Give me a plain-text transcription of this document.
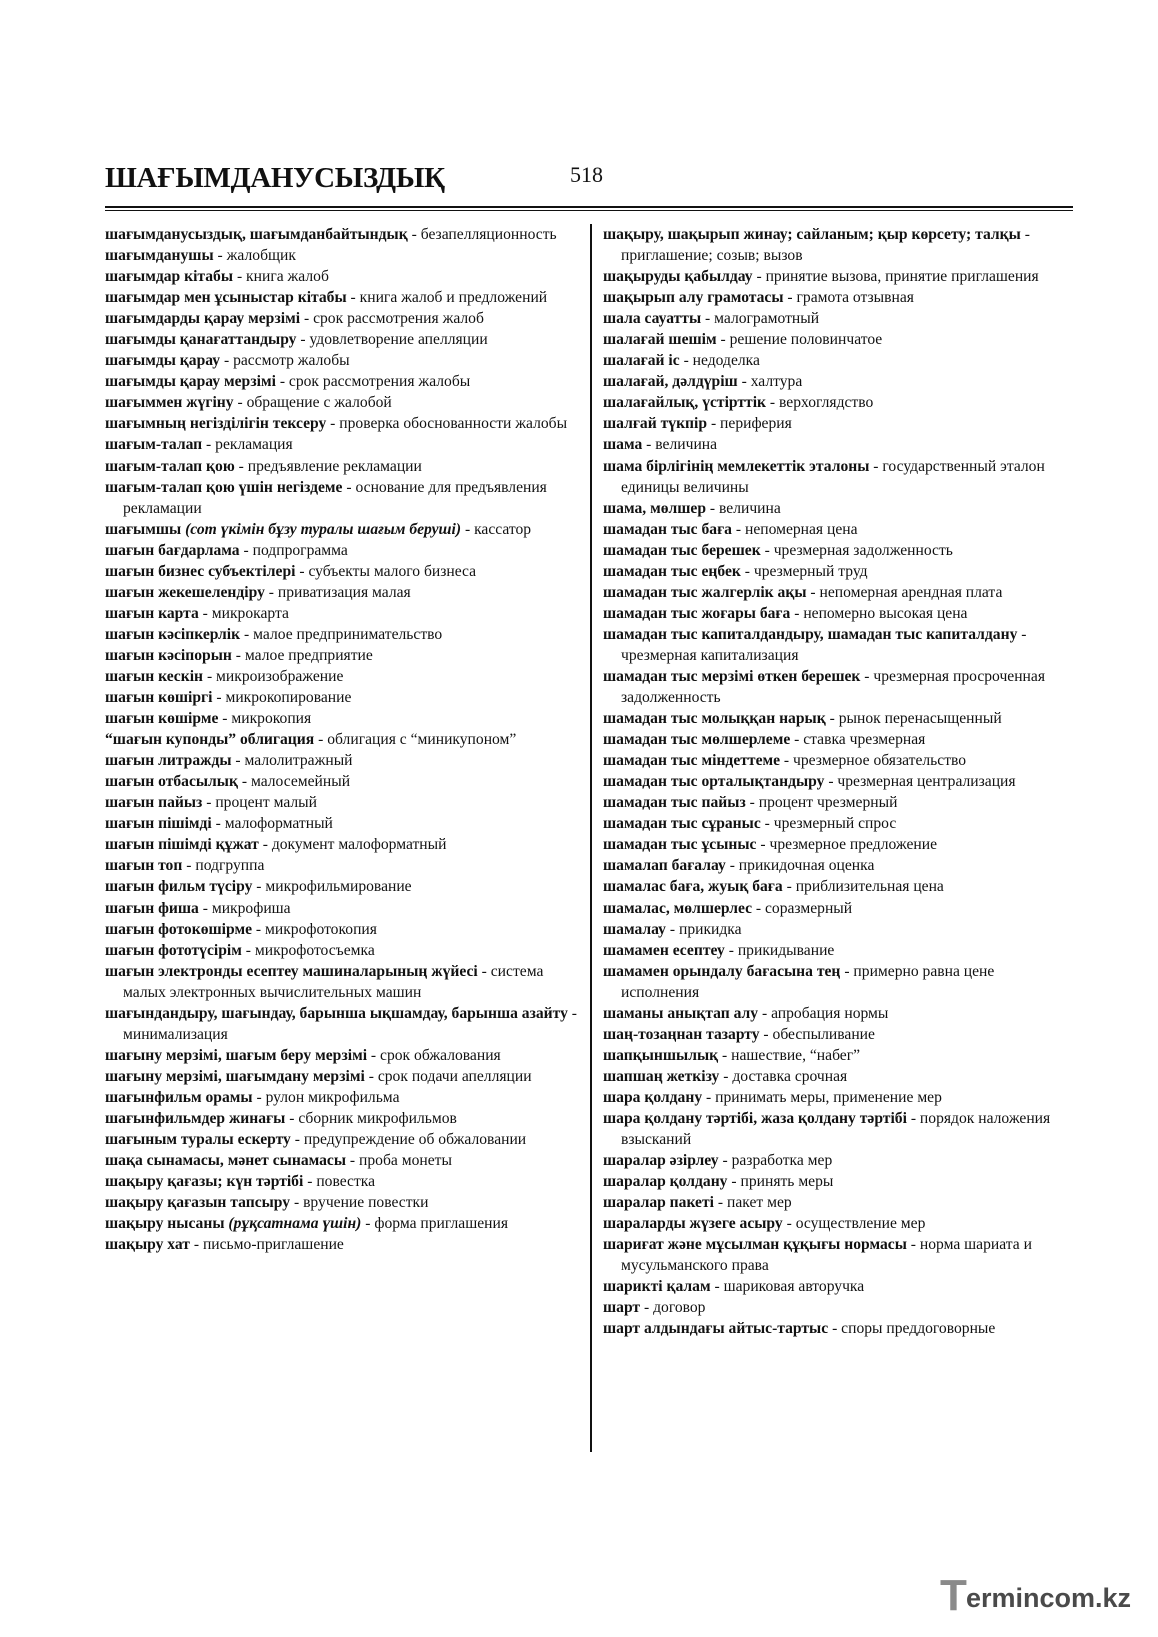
ШАҒЫМДАНУСЫЗДЫҚ	518
шағымданусыздық, шағымданбайтындық - безапелляционность
шағымданушы - жалобщик
шағымдар кітабы - книга жалоб
шағымдар мен ұсыныстар кітабы - книга жалоб и предложений
шағымдарды қарау мерзімі - срок рассмотрения жалоб
шағымды қанағаттандыру - удовлетворение апелляции
шағымды қарау - рассмотр жалобы
шағымды қарау мерзімі - срок рассмотрения жалобы
шағыммен жүгіну - обращение с жалобой
шағымның негізділігін тексеру - проверка обоснованности жалобы
шағым-талап - рекламация
шағым-талап қою - предъявление рекламации
шағым-талап қою үшін негіздеме - основание для предъявления рекламации
шағымшы (сот үкімін бұзу туралы шағым беруші) - кассатор
шағын бағдарлама - подпрограмма
шағын бизнес субъектілері - субъекты малого бизнеса
шағын жекешелендіру - приватизация малая
шағын карта - микрокарта
шағын кәсіпкерлік - малое предпринимательство
шағын кәсіпорын - малое предприятие
шағын кескін - микроизображение
шағын көшіргі - микрокопирование
шағын көшірме - микрокопия
“шағын купонды” облигация - облигация с “миникупоном”
шағын литражды - малолитражный
шағын отбасылық - малосемейный
шағын пайыз - процент малый
шағын пішімді - малоформатный
шағын пішімді құжат - документ малоформатный
шағын топ - подгруппа
шағын фильм түсіру - микрофильмирование
шағын фиша - микрофиша
шағын фотокөшірме - микрофотокопия
шағын фототүсірім - микрофотосъемка
шағын электронды есептеу машиналарының жүйесі - система малых электронных вычислительных машин
шағындандыру, шағындау, барынша ықшамдау, барынша азайту - минимализация
шағыну мерзімі, шағым беру мерзімі - срок обжалования
шағыну мерзімі, шағымдану мерзімі - срок подачи апелляции
шағынфильм орамы - рулон микрофильма
шағынфильмдер жинағы - сборник микрофильмов
шағыным туралы ескерту - предупреждение об обжаловании
шақа сынамасы, мәнет сынамасы - проба монеты
шақыру қағазы; күн тәртібі - повестка
шақыру қағазын тапсыру - вручение повестки
шақыру нысаны (рұқсатнама үшін) - форма приглашения
шақыру хат - письмо-приглашение
шақыру, шақырып жинау; сайланым; қыр көрсету; талқы - приглашение; созыв; вызов
шақыруды қабылдау - принятие вызова, принятие приглашения
шақырып алу грамотасы - грамота отзывная
шала сауатты - малограмотный
шалағай шешім - решение половинчатое
шалағай іс - недоделка
шалағай, дәлдүріш - халтура
шалағайлық, үстірттік - верхоглядство
шалғай түкпір - периферия
шама - величина
шама бірлігінің мемлекеттік эталоны - государственный эталон единицы величины
шама, мөлшер - величина
шамадан тыс баға - непомерная цена
шамадан тыс берешек - чрезмерная задолженность
шамадан тыс еңбек - чрезмерный труд
шамадан тыс жалгерлік ақы - непомерная арендная плата
шамадан тыс жоғары баға - непомерно высокая цена
шамадан тыс капиталдандыру, шамадан тыс капиталдану - чрезмерная капитализация
шамадан тыс мерзімі өткен берешек - чрезмерная просроченная задолженность
шамадан тыс молыққан нарық - рынок перенасыщенный
шамадан тыс мөлшерлеме - ставка чрезмерная
шамадан тыс міндеттеме - чрезмерное обязательство
шамадан тыс орталықтандыру - чрезмерная централизация
шамадан тыс пайыз - процент чрезмерный
шамадан тыс сұраныс - чрезмерный спрос
шамадан тыс ұсыныс - чрезмерное предложение
шамалап бағалау - прикидочная оценка
шамалас баға, жуық баға - приблизительная цена
шамалас, мөлшерлес - соразмерный
шамалау - прикидка
шамамен есептеу - прикидывание
шамамен орындалу бағасына тең - примерно равна цене исполнения
шаманы анықтап алу - апробация нормы
шаң-тозаңнан тазарту - обеспыливание
шапқыншылық - нашествие, “набег”
шапшаң жеткізу - доставка срочная
шара қолдану - принимать меры, применение мер
шара қолдану тәртібі, жаза қолдану тәртібі - порядок наложения взысканий
шаралар әзірлеу - разработка мер
шаралар қолдану - принять меры
шаралар пакеті - пакет мер
шараларды жүзеге асыру - осуществление мер
шариғат және мұсылман құқығы нормасы - норма шариата и мусульманского права
шарикті қалам - шариковая авторучка
шарт - договор
шарт алдындағы айтыс-тартыс - споры преддоговорные
T ermincom.kz
